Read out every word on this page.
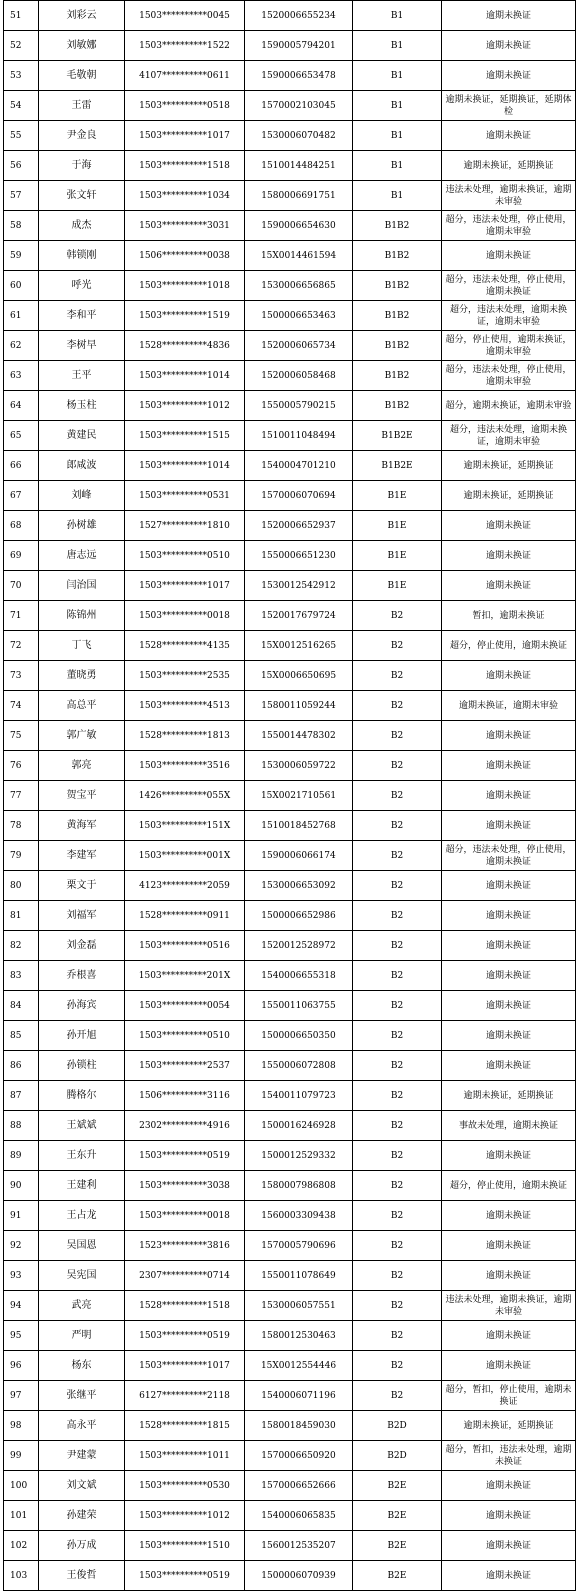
51	刘彩云	1503**********0045	1520006655234	B1	逾期未换证
52	刘敏娜	1503**********1522	1590005794201	B1	逾期未换证
53	毛敬朝	4107**********0611	1590006653478	B1	逾期未换证
54	王雷	1503**********0518	1570002103045	B1	逾期未换证，延期换证，延期体检
55	尹金良	1503**********1017	1530006070482	B1	逾期未换证
56	于海	1503**********1518	1510014484251	B1	逾期未换证，延期换证
57	张文轩	1503**********1034	1580006691751	B1	违法未处理，逾期未换证，逾期未审验
58	成杰	1503**********3031	1590006654630	B1B2	超分，违法未处理，停止使用，逾期未审验
59	韩锁刚	1506**********0038	15X0014461594	B1B2	逾期未换证
60	呼光	1503**********1018	1530006656865	B1B2	超分，违法未处理，停止使用，逾期未换证
61	李和平	1503**********1519	1500006653463	B1B2	超分，违法未处理，逾期未换证，逾期未审验
62	李树早	1528**********4836	1520006065734	B1B2	超分，停止使用，逾期未换证，逾期未审验
63	王平	1503**********1014	1520006058468	B1B2	超分，违法未处理，停止使用，逾期未审验
64	杨玉柱	1503**********1012	1550005790215	B1B2	超分，逾期未换证，逾期未审验
65	黄建民	1503**********1515	1510011048494	B1B2E	超分，违法未处理，逾期未换证，逾期未审验
66	郎咸波	1503**********1014	1540004701210	B1B2E	逾期未换证，延期换证
67	刘峰	1503**********0531	1570006070694	B1E	逾期未换证，延期换证
68	孙树雄	1527**********1810	1520006652937	B1E	逾期未换证
69	唐志远	1503**********0510	1550006651230	B1E	逾期未换证
70	闫治国	1503**********1017	1530012542912	B1E	逾期未换证
71	陈锦州	1503**********0018	1520017679724	B2	暂扣，逾期未换证
72	丁飞	1528**********4135	15X0012516265	B2	超分，停止使用，逾期未换证
73	董晓勇	1503**********2535	15X0006650695	B2	逾期未换证
74	高总平	1503**********4513	1580011059244	B2	逾期未换证，逾期未审验
75	郭广敏	1528**********1813	1550014478302	B2	逾期未换证
76	郭亮	1503**********3516	1530006059722	B2	逾期未换证
77	贺宝平	1426**********055X	15X0021710561	B2	逾期未换证
78	黄海军	1503**********151X	1510018452768	B2	逾期未换证
79	李建军	1503**********001X	1590006066174	B2	超分，违法未处理，停止使用，逾期未换证
80	栗文于	4123**********2059	1530006653092	B2	逾期未换证
81	刘福军	1528**********0911	1500006652986	B2	逾期未换证
82	刘金磊	1503**********0516	1520012528972	B2	逾期未换证
83	乔根喜	1503**********201X	1540006655318	B2	逾期未换证
84	孙海宾	1503**********0054	1550011063755	B2	逾期未换证
85	孙开旭	1503**********0510	1500006650350	B2	逾期未换证
86	孙锁柱	1503**********2537	1550006072808	B2	逾期未换证
87	腾格尔	1506**********3116	1540011079723	B2	逾期未换证，延期换证
88	王斌斌	2302**********4916	1500016246928	B2	事故未处理，逾期未换证
89	王东升	1503**********0519	1500012529332	B2	逾期未换证
90	王建利	1503**********3038	1580007986808	B2	超分，停止使用，逾期未换证
91	王占龙	1503**********0018	1560003309438	B2	逾期未换证
92	吴国恩	1523**********3816	1570005790696	B2	逾期未换证
93	吴宪国	2307**********0714	1550011078649	B2	逾期未换证
94	武亮	1528**********1518	1530006057551	B2	违法未处理，逾期未换证，逾期未审验
95	严明	1503**********0519	1580012530463	B2	逾期未换证
96	杨东	1503**********1017	15X0012554446	B2	逾期未换证
97	张继平	6127**********2118	1540006071196	B2	超分，暂扣，停止使用，逾期未换证
98	高永平	1528**********1815	1580018459030	B2D	逾期未换证，延期换证
99	尹建蒙	1503**********1011	1570006650920	B2D	超分，暂扣，违法未处理，逾期未换证
100	刘文斌	1503**********0530	1570006652666	B2E	逾期未换证
101	孙建荣	1503**********1012	1540006065835	B2E	逾期未换证
102	孙万成	1503**********1510	1560012535207	B2E	逾期未换证
103	王俊哲	1503**********0519	1500006070939	B2E	逾期未换证
